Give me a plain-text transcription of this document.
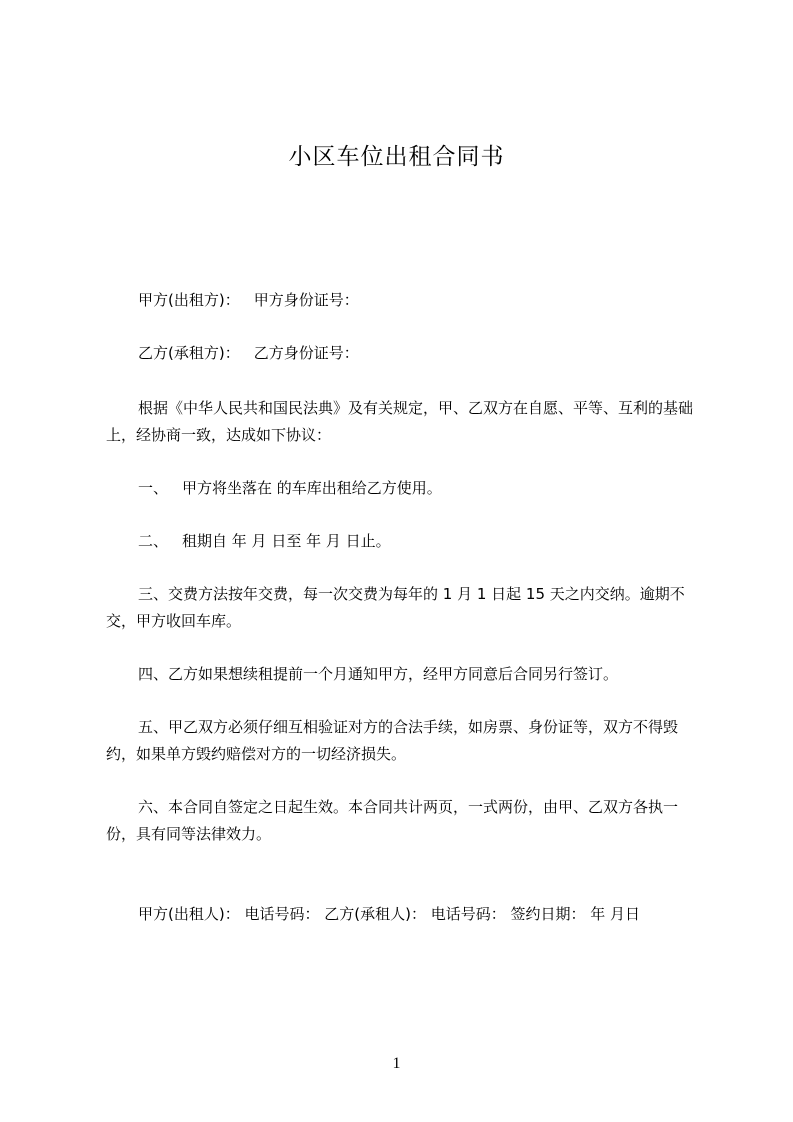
小区车位出租合同书

甲方(出租方)： 甲方身份证号：

乙方(承租方)： 乙方身份证号：

根据《中华人民共和国民法典》及有关规定，甲、乙双方在自愿、平等、互利的基础上，经协商一致，达成如下协议：

一、 甲方将坐落在 的车库出租给乙方使用。

二、 租期自 年 月 日至 年 月 日止。

三、交费方法按年交费，每一次交费为每年的 1 月 1 日起 15 天之内交纳。逾期不交，甲方收回车库。

四、乙方如果想续租提前一个月通知甲方，经甲方同意后合同另行签订。

五、甲乙双方必须仔细互相验证对方的合法手续，如房票、身份证等，双方不得毁约，如果单方毁约赔偿对方的一切经济损失。

六、本合同自签定之日起生效。本合同共计两页，一式两份，由甲、乙双方各执一份，具有同等法律效力。

甲方(出租人)： 电话号码： 乙方(承租人)： 电话号码： 签约日期： 年 月日

1
